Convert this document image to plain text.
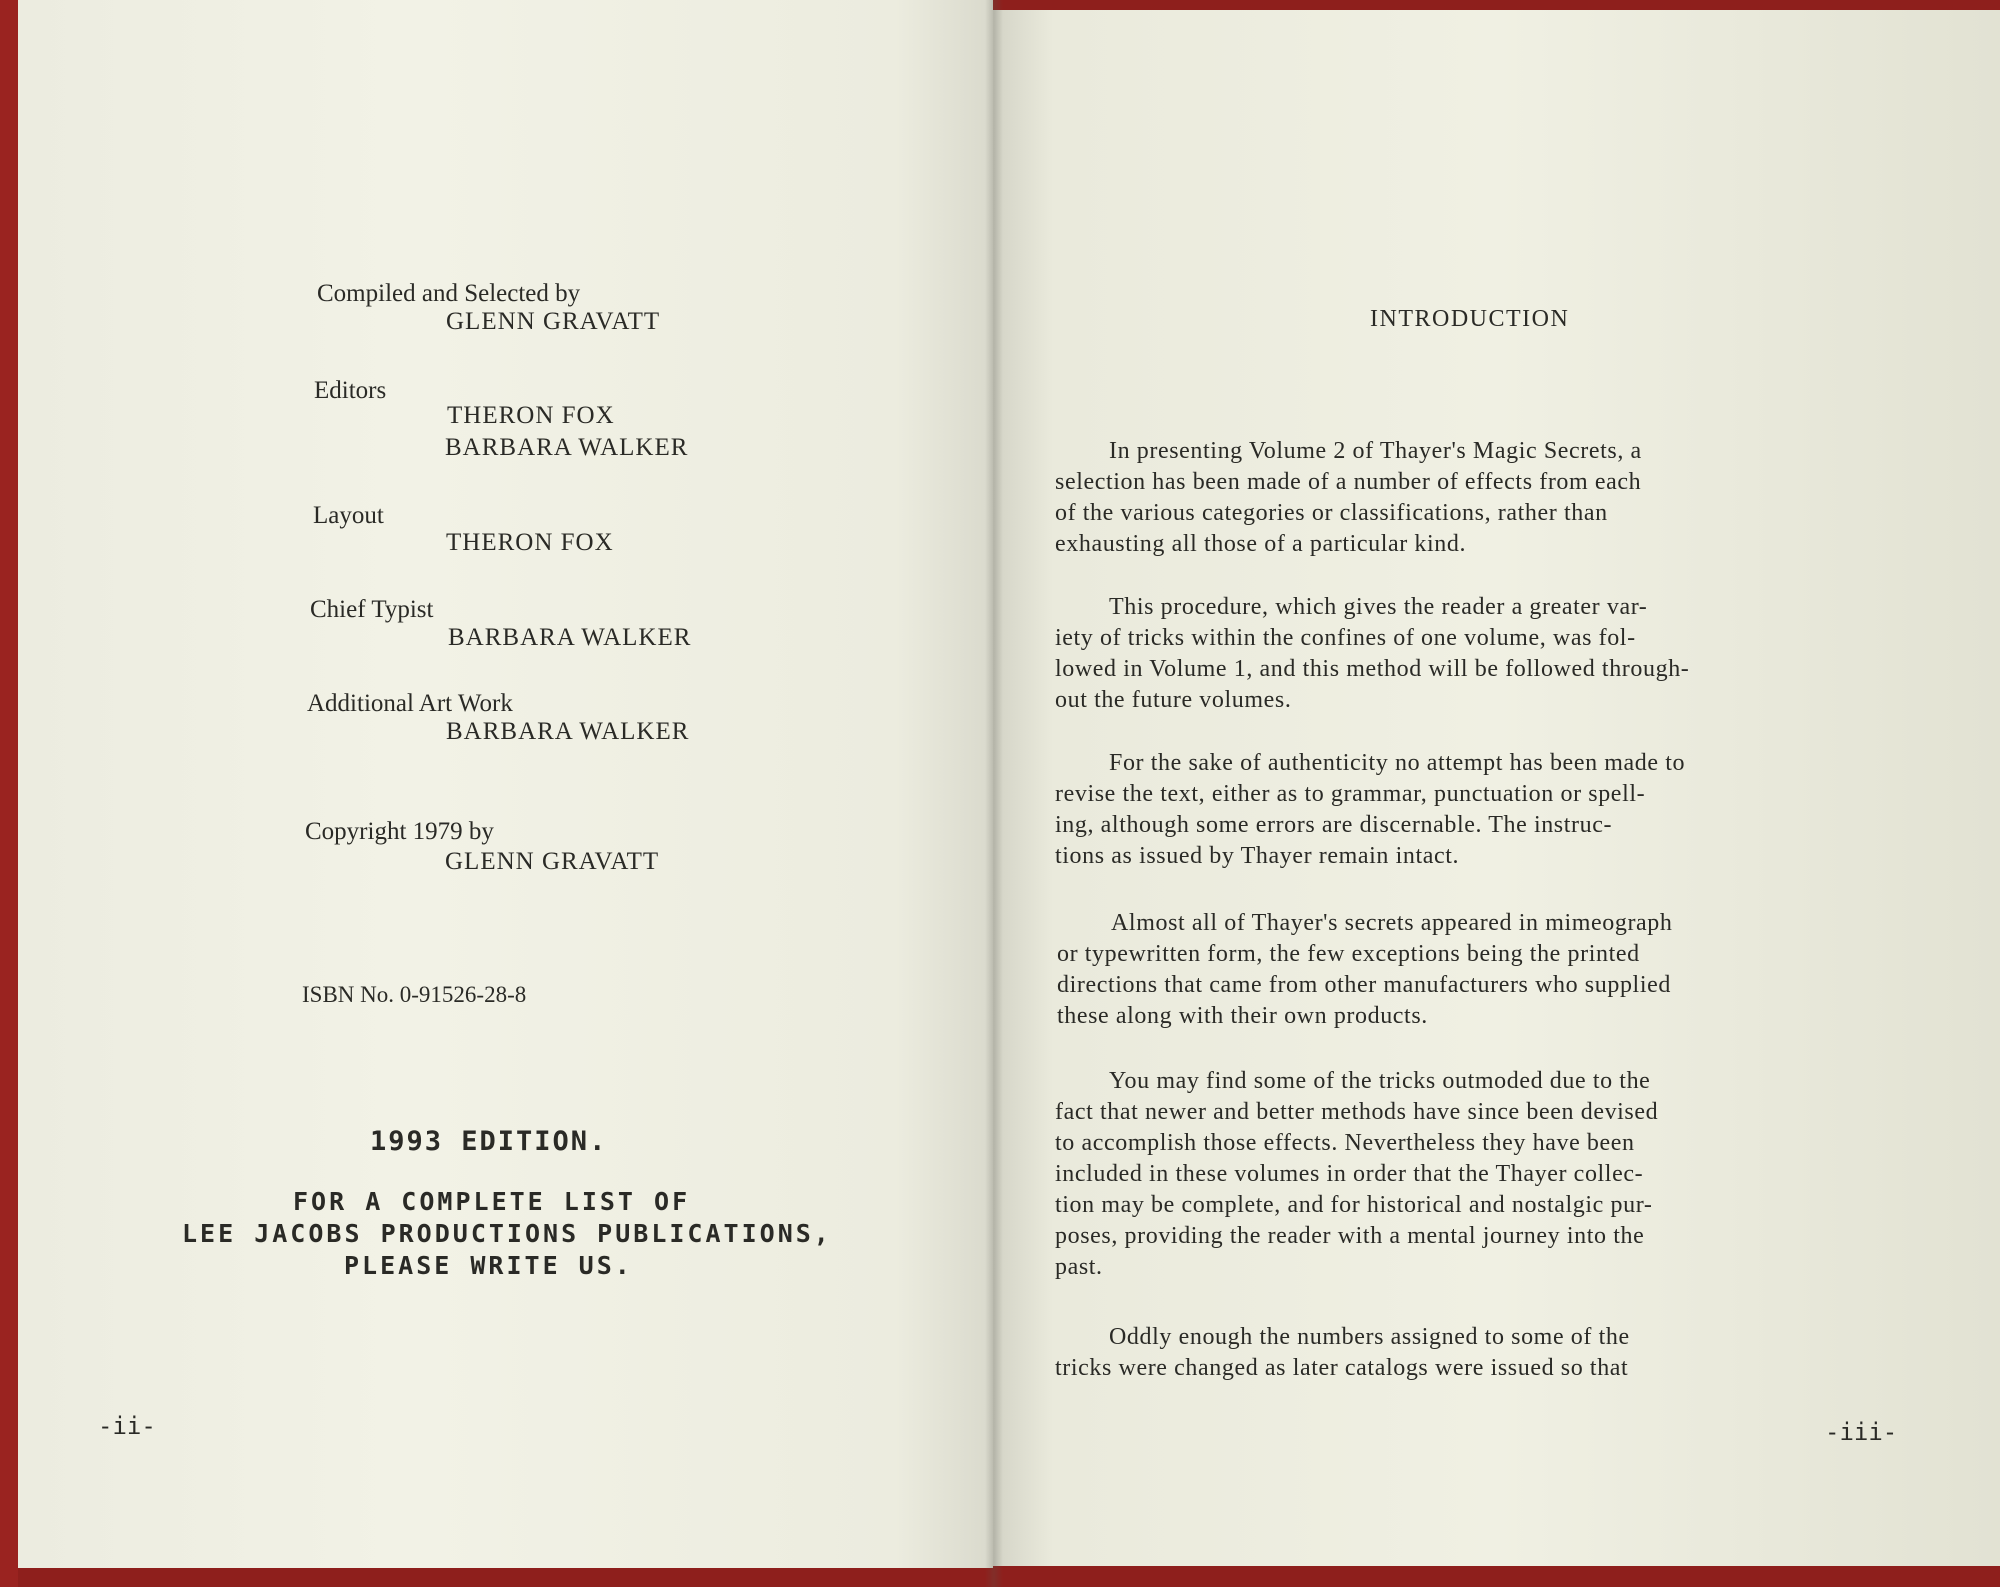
Compiled and Selected by
GLENN GRAVATT
Editors
THERON FOX
BARBARA WALKER
Layout
THERON FOX
Chief Typist
BARBARA WALKER
Additional Art Work
BARBARA WALKER
Copyright 1979 by
GLENN GRAVATT
ISBN No. 0-91526-28-8
1993 EDITION.
FOR A COMPLETE LIST OF
LEE JACOBS PRODUCTIONS PUBLICATIONS,
PLEASE WRITE US.
-ii-
INTRODUCTION

In presenting Volume 2 of Thayer's Magic Secrets, a
selection has been made of a number of effects from each
of the various categories or classifications, rather than
exhausting all those of a particular kind.

This procedure, which gives the reader a greater var-
iety of tricks within the confines of one volume, was fol-
lowed in Volume 1, and this method will be followed through-
out the future volumes.

For the sake of authenticity no attempt has been made to
revise the text, either as to grammar, punctuation or spell-
ing, although some errors are discernable. The instruc-
tions as issued by Thayer remain intact.

Almost all of Thayer's secrets appeared in mimeograph
or typewritten form, the few exceptions being the printed
directions that came from other manufacturers who supplied
these along with their own products.

You may find some of the tricks outmoded due to the
fact that newer and better methods have since been devised
to accomplish those effects. Nevertheless they have been
included in these volumes in order that the Thayer collec-
tion may be complete, and for historical and nostalgic pur-
poses, providing the reader with a mental journey into the
past.

Oddly enough the numbers assigned to some of the
tricks were changed as later catalogs were issued so that

-iii-
